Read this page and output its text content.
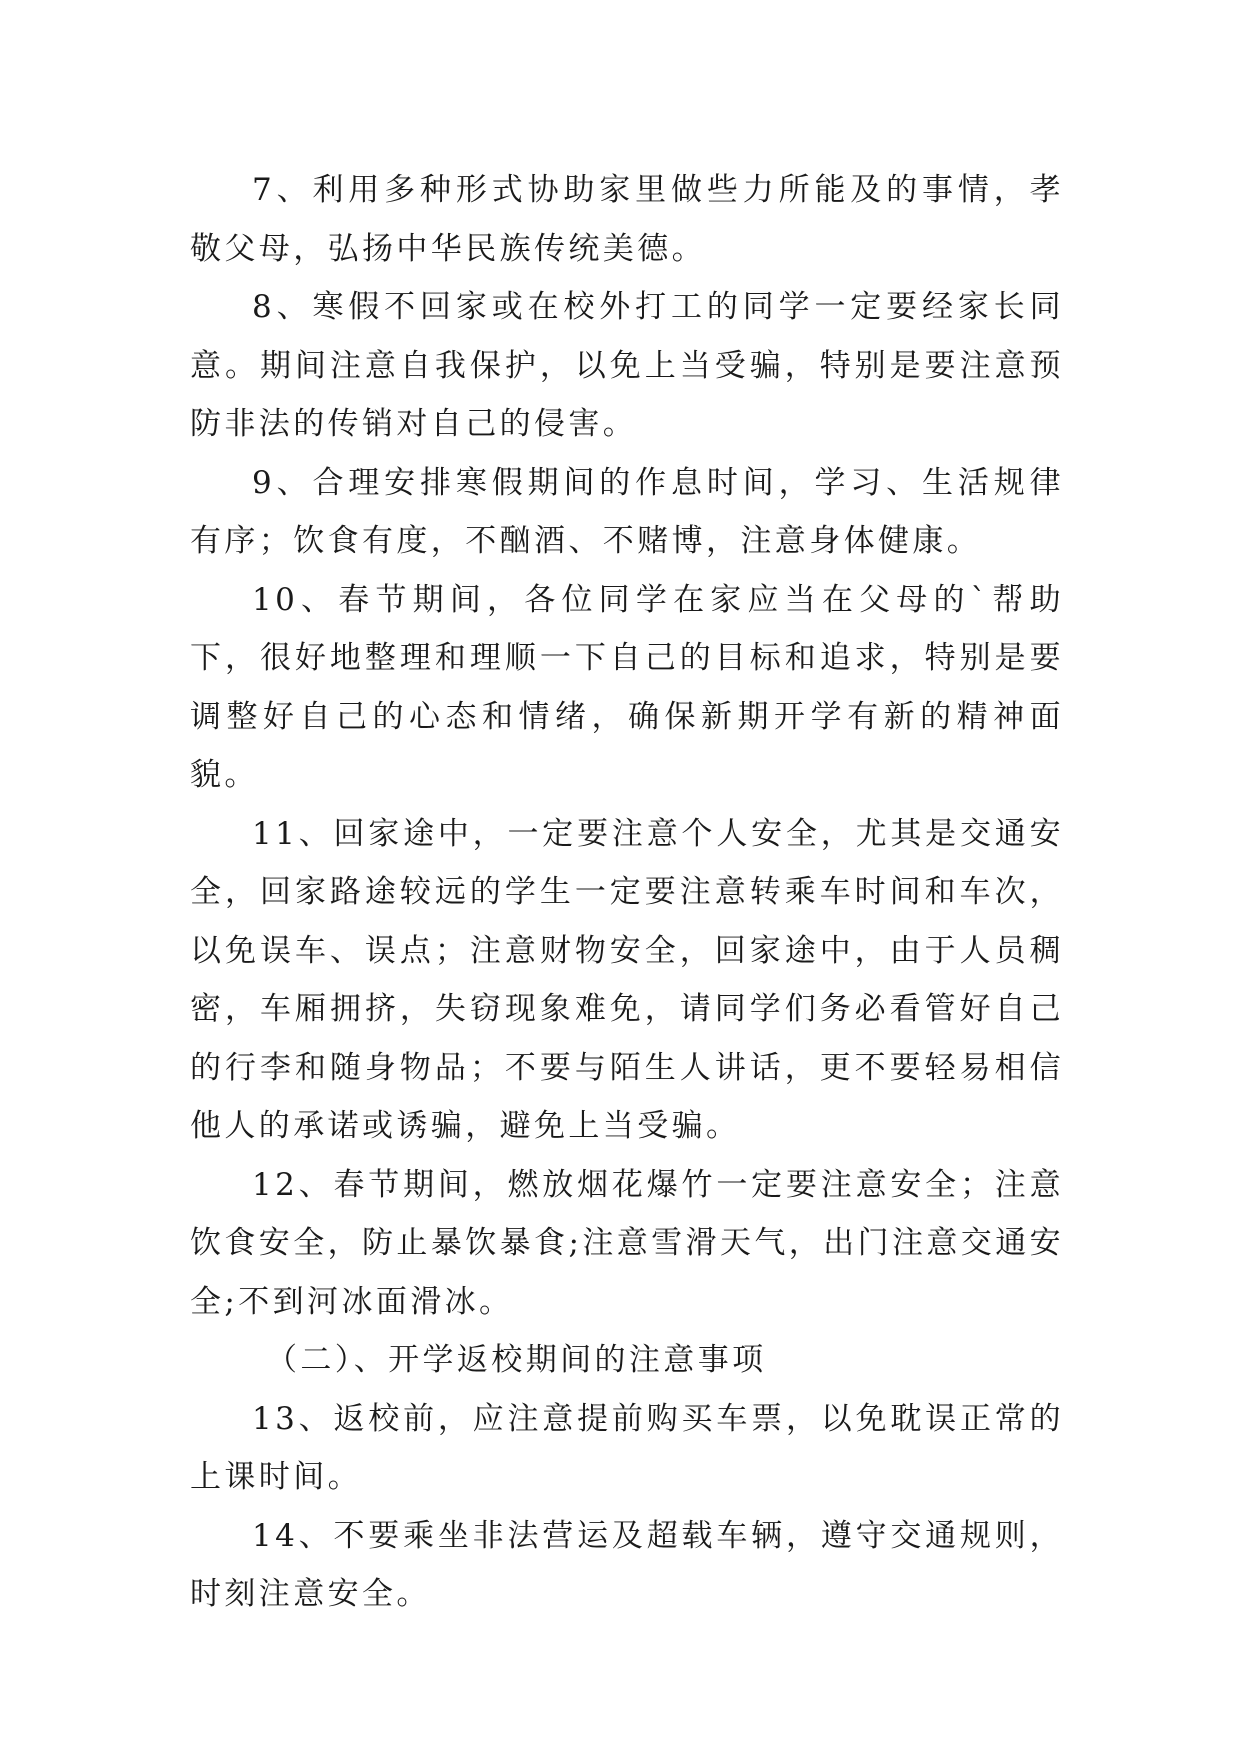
7、利用多种形式协助家里做些力所能及的事情，孝敬父母，弘扬中华民族传统美德。

8、寒假不回家或在校外打工的同学一定要经家长同意。期间注意自我保护，以免上当受骗，特别是要注意预防非法的传销对自己的侵害。

9、合理安排寒假期间的作息时间，学习、生活规律有序；饮食有度，不酗酒、不赌博，注意身体健康。

10、春节期间，各位同学在家应当在父母的`帮助下，很好地整理和理顺一下自己的目标和追求，特别是要调整好自己的心态和情绪，确保新期开学有新的精神面貌。

11、回家途中，一定要注意个人安全，尤其是交通安全，回家路途较远的学生一定要注意转乘车时间和车次，以免误车、误点；注意财物安全，回家途中，由于人员稠密，车厢拥挤，失窃现象难免，请同学们务必看管好自己的行李和随身物品；不要与陌生人讲话，更不要轻易相信他人的承诺或诱骗，避免上当受骗。

12、春节期间，燃放烟花爆竹一定要注意安全；注意饮食安全，防止暴饮暴食;注意雪滑天气，出门注意交通安全;不到河冰面滑冰。

（二）、开学返校期间的注意事项

13、返校前，应注意提前购买车票，以免耽误正常的上课时间。

14、不要乘坐非法营运及超载车辆，遵守交通规则，时刻注意安全。
